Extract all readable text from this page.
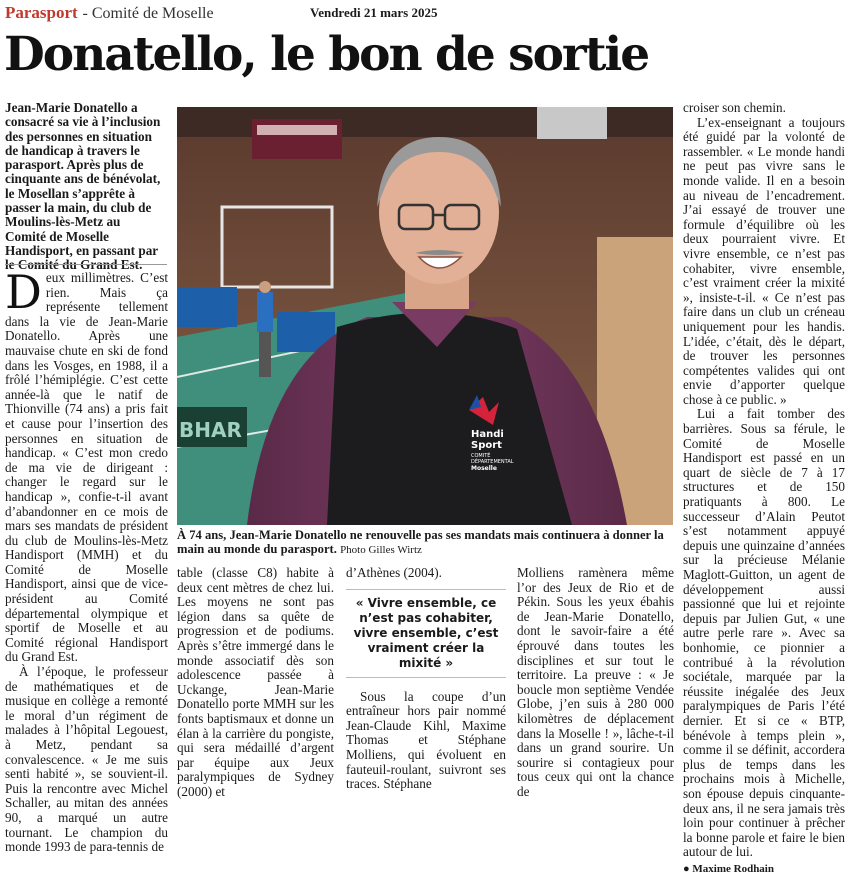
Parasport - Comité de Moselle	Vendredi 21 mars 2025
Donatello, le bon de sortie

Jean-Marie Donatello a consacré sa vie à l’inclusion des personnes en situation de handicap à travers le parasport. Après plus de cinquante ans de bénévolat, le Mosellan s’apprête à passer la main, du club de Moulins-lès-Metz au Comité de Moselle Handisport, en passant par le Comité du Grand Est.

Deux millimètres. C’est rien. Mais ça représente tellement dans la vie de Jean-Marie Donatello. Après une mauvaise chute en ski de fond dans les Vosges, en 1988, il a frôlé l’hémiplégie. C’est cette année-là que le natif de Thionville (74 ans) a pris fait et cause pour l’insertion des personnes en situation de handicap. « C’est mon credo de ma vie de dirigeant : changer le regard sur le handicap », confie-t-il avant d’abandonner en ce mois de mars ses mandats de président du club de Moulins-lès-Metz Handisport (MMH) et du Comité de Moselle Handisport, ainsi que de vice-président au Comité départemental olympique et sportif de Moselle et au Comité régional Handisport du Grand Est.

À l’époque, le professeur de mathématiques et de musique en collège a remonté le moral d’un régiment de malades à l’hôpital Legouest, à Metz, pendant sa convalescence. « Je me suis senti habité », se souvient-il. Puis la rencontre avec Michel Schaller, au mitan des années 90, a marqué un autre tournant. Le champion du monde 1993 de para-tennis de

Handi
Sport
COMITÉ
DÉPARTEMENTAL
Moselle
BHAR
À 74 ans, Jean-Marie Donatello ne renouvelle pas ses mandats mais continuera à donner la main au monde du parasport. Photo Gilles Wirtz

table (classe C8) habite à deux cent mètres de chez lui. Les moyens ne sont pas légion dans sa quête de progression et de podiums. Après s’être immergé dans le monde associatif dès son adolescence passée à Uckange, Jean-Marie Donatello porte MMH sur les fonts baptismaux et donne un élan à la carrière du pongiste, qui sera médaillé d’argent par équipe aux Jeux paralympiques de Sydney (2000) et

d’Athènes (2004).

« Vivre ensemble, ce n’est pas cohabiter, vivre ensemble, c’est vraiment créer la mixité »

Sous la coupe d’un entraîneur hors pair nommé Jean-Claude Kihl, Maxime Thomas et Stéphane Molliens, qui évoluent en fauteuil-roulant, suivront ses traces. Stéphane

Molliens ramènera même l’or des Jeux de Rio et de Pékin. Sous les yeux ébahis de Jean-Marie Donatello, dont le savoir-faire a été éprouvé dans toutes les disciplines et sur tout le territoire. La preuve : « Je boucle mon septième Vendée Globe, j’en suis à 280 000 kilomètres de déplacement dans la Moselle ! », lâche-t-il dans un grand sourire. Un sourire si contagieux pour tous ceux qui ont la chance de

croiser son chemin.

L’ex-enseignant a toujours été guidé par la volonté de rassembler. « Le monde handi ne peut pas vivre sans le monde valide. Il en a besoin au niveau de l’encadrement. J’ai essayé de trouver une formule d’équilibre où les deux pourraient vivre. Et vivre ensemble, ce n’est pas cohabiter, vivre ensemble, c’est vraiment créer la mixité », insiste-t-il. « Ce n’est pas faire dans un club un créneau uniquement pour les handis. L’idée, c’était, dès le départ, de trouver les personnes compétentes valides qui ont envie d’apporter quelque chose à ce public. »

Lui a fait tomber des barrières. Sous sa férule, le Comité de Moselle Handisport est passé en un quart de siècle de 7 à 17 structures et de 150 pratiquants à 800. Le successeur d’Alain Peutot s’est notamment appuyé depuis une quinzaine d’années sur la précieuse Mélanie Maglott-Guitton, un agent de développement aussi passionné que lui et rejointe depuis par Julien Gut, « une autre perle rare ». Avec sa bonhomie, ce pionnier a contribué à la révolution sociétale, marquée par la réussite inégalée des Jeux paralympiques de Paris l’été dernier. Et si ce « BTP, bénévole à temps plein », comme il se définit, accordera plus de temps dans les prochains mois à Michelle, son épouse depuis cinquante-deux ans, il ne sera jamais très loin pour continuer à prêcher la bonne parole et faire le bien autour de lui.

● Maxime Rodhain
